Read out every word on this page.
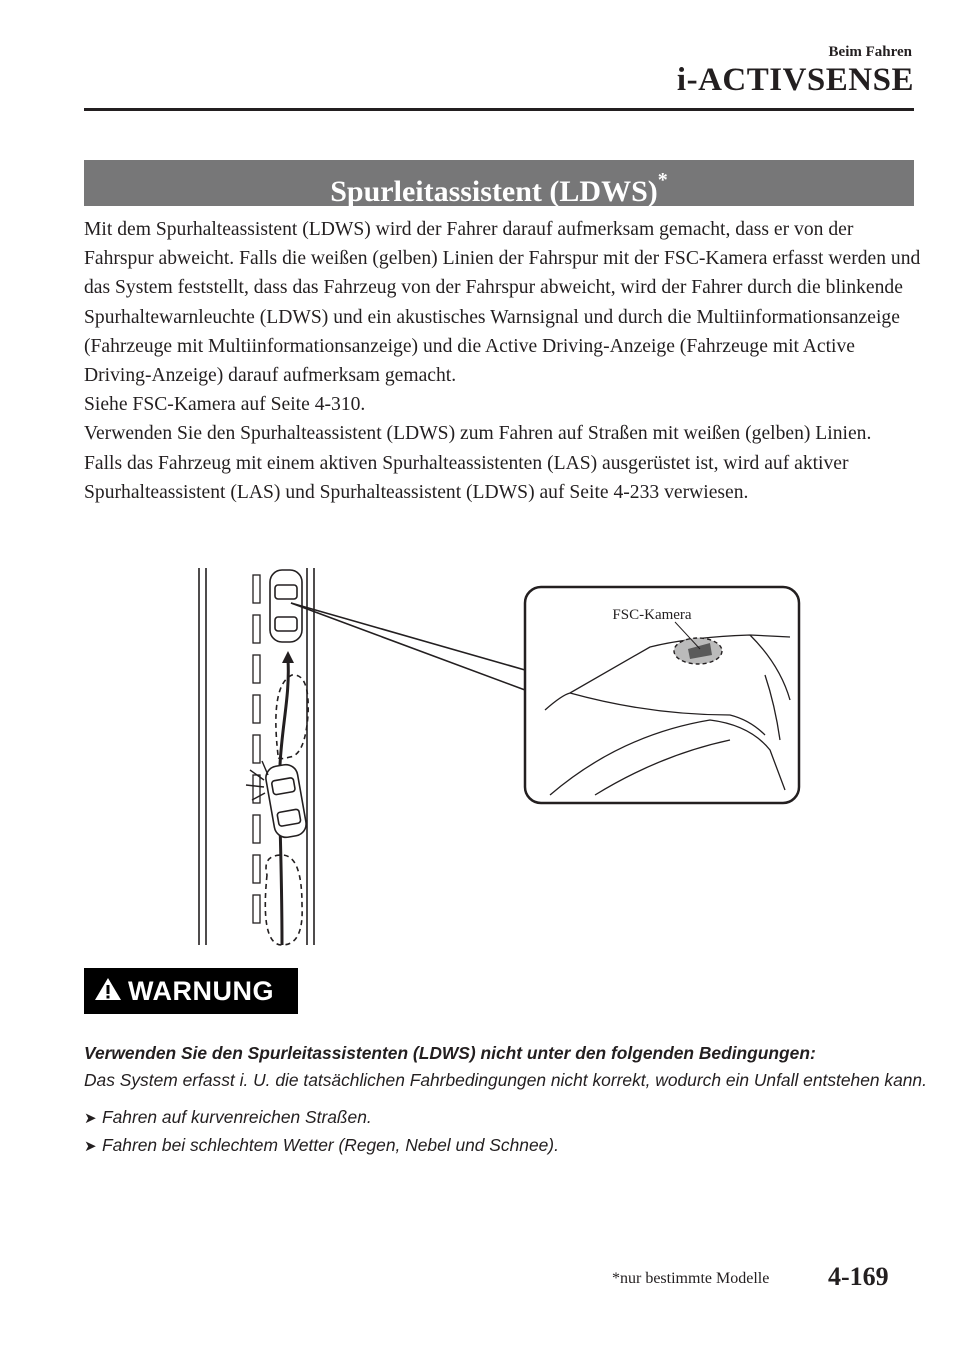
Beim Fahren
i-ACTIVSENSE
Spurleitassistent (LDWS)*

Mit dem Spurhalteassistent (LDWS) wird der Fahrer darauf aufmerksam gemacht, dass er von der Fahrspur abweicht. Falls die weißen (gelben) Linien der Fahrspur mit der FSC-Kamera erfasst werden und das System feststellt, dass das Fahrzeug von der Fahrspur abweicht, wird der Fahrer durch die blinkende Spurhaltewarnleuchte (LDWS) und ein akustisches Warnsignal und durch die Multiinformationsanzeige (Fahrzeuge mit Multiinformationsanzeige) und die Active Driving-Anzeige (Fahrzeuge mit Active Driving-Anzeige) darauf aufmerksam gemacht.

Siehe FSC-Kamera auf Seite 4-310.

Verwenden Sie den Spurhalteassistent (LDWS) zum Fahren auf Straßen mit weißen (gelben) Linien.

Falls das Fahrzeug mit einem aktiven Spurhalteassistenten (LAS) ausgerüstet ist, wird auf aktiver Spurhalteassistent (LAS) und Spurhalteassistent (LDWS) auf Seite 4-233 verwiesen.

FSC-Kamera
WARNUNG

Verwenden Sie den Spurleitassistenten (LDWS) nicht unter den folgenden Bedingungen:

Das System erfasst i. U. die tatsächlichen Fahrbedingungen nicht korrekt, wodurch ein Unfall entstehen kann.

➤ Fahren auf kurvenreichen Straßen.
➤ Fahren bei schlechtem Wetter (Regen, Nebel und Schnee).
*nur bestimmte Modelle 4-169
